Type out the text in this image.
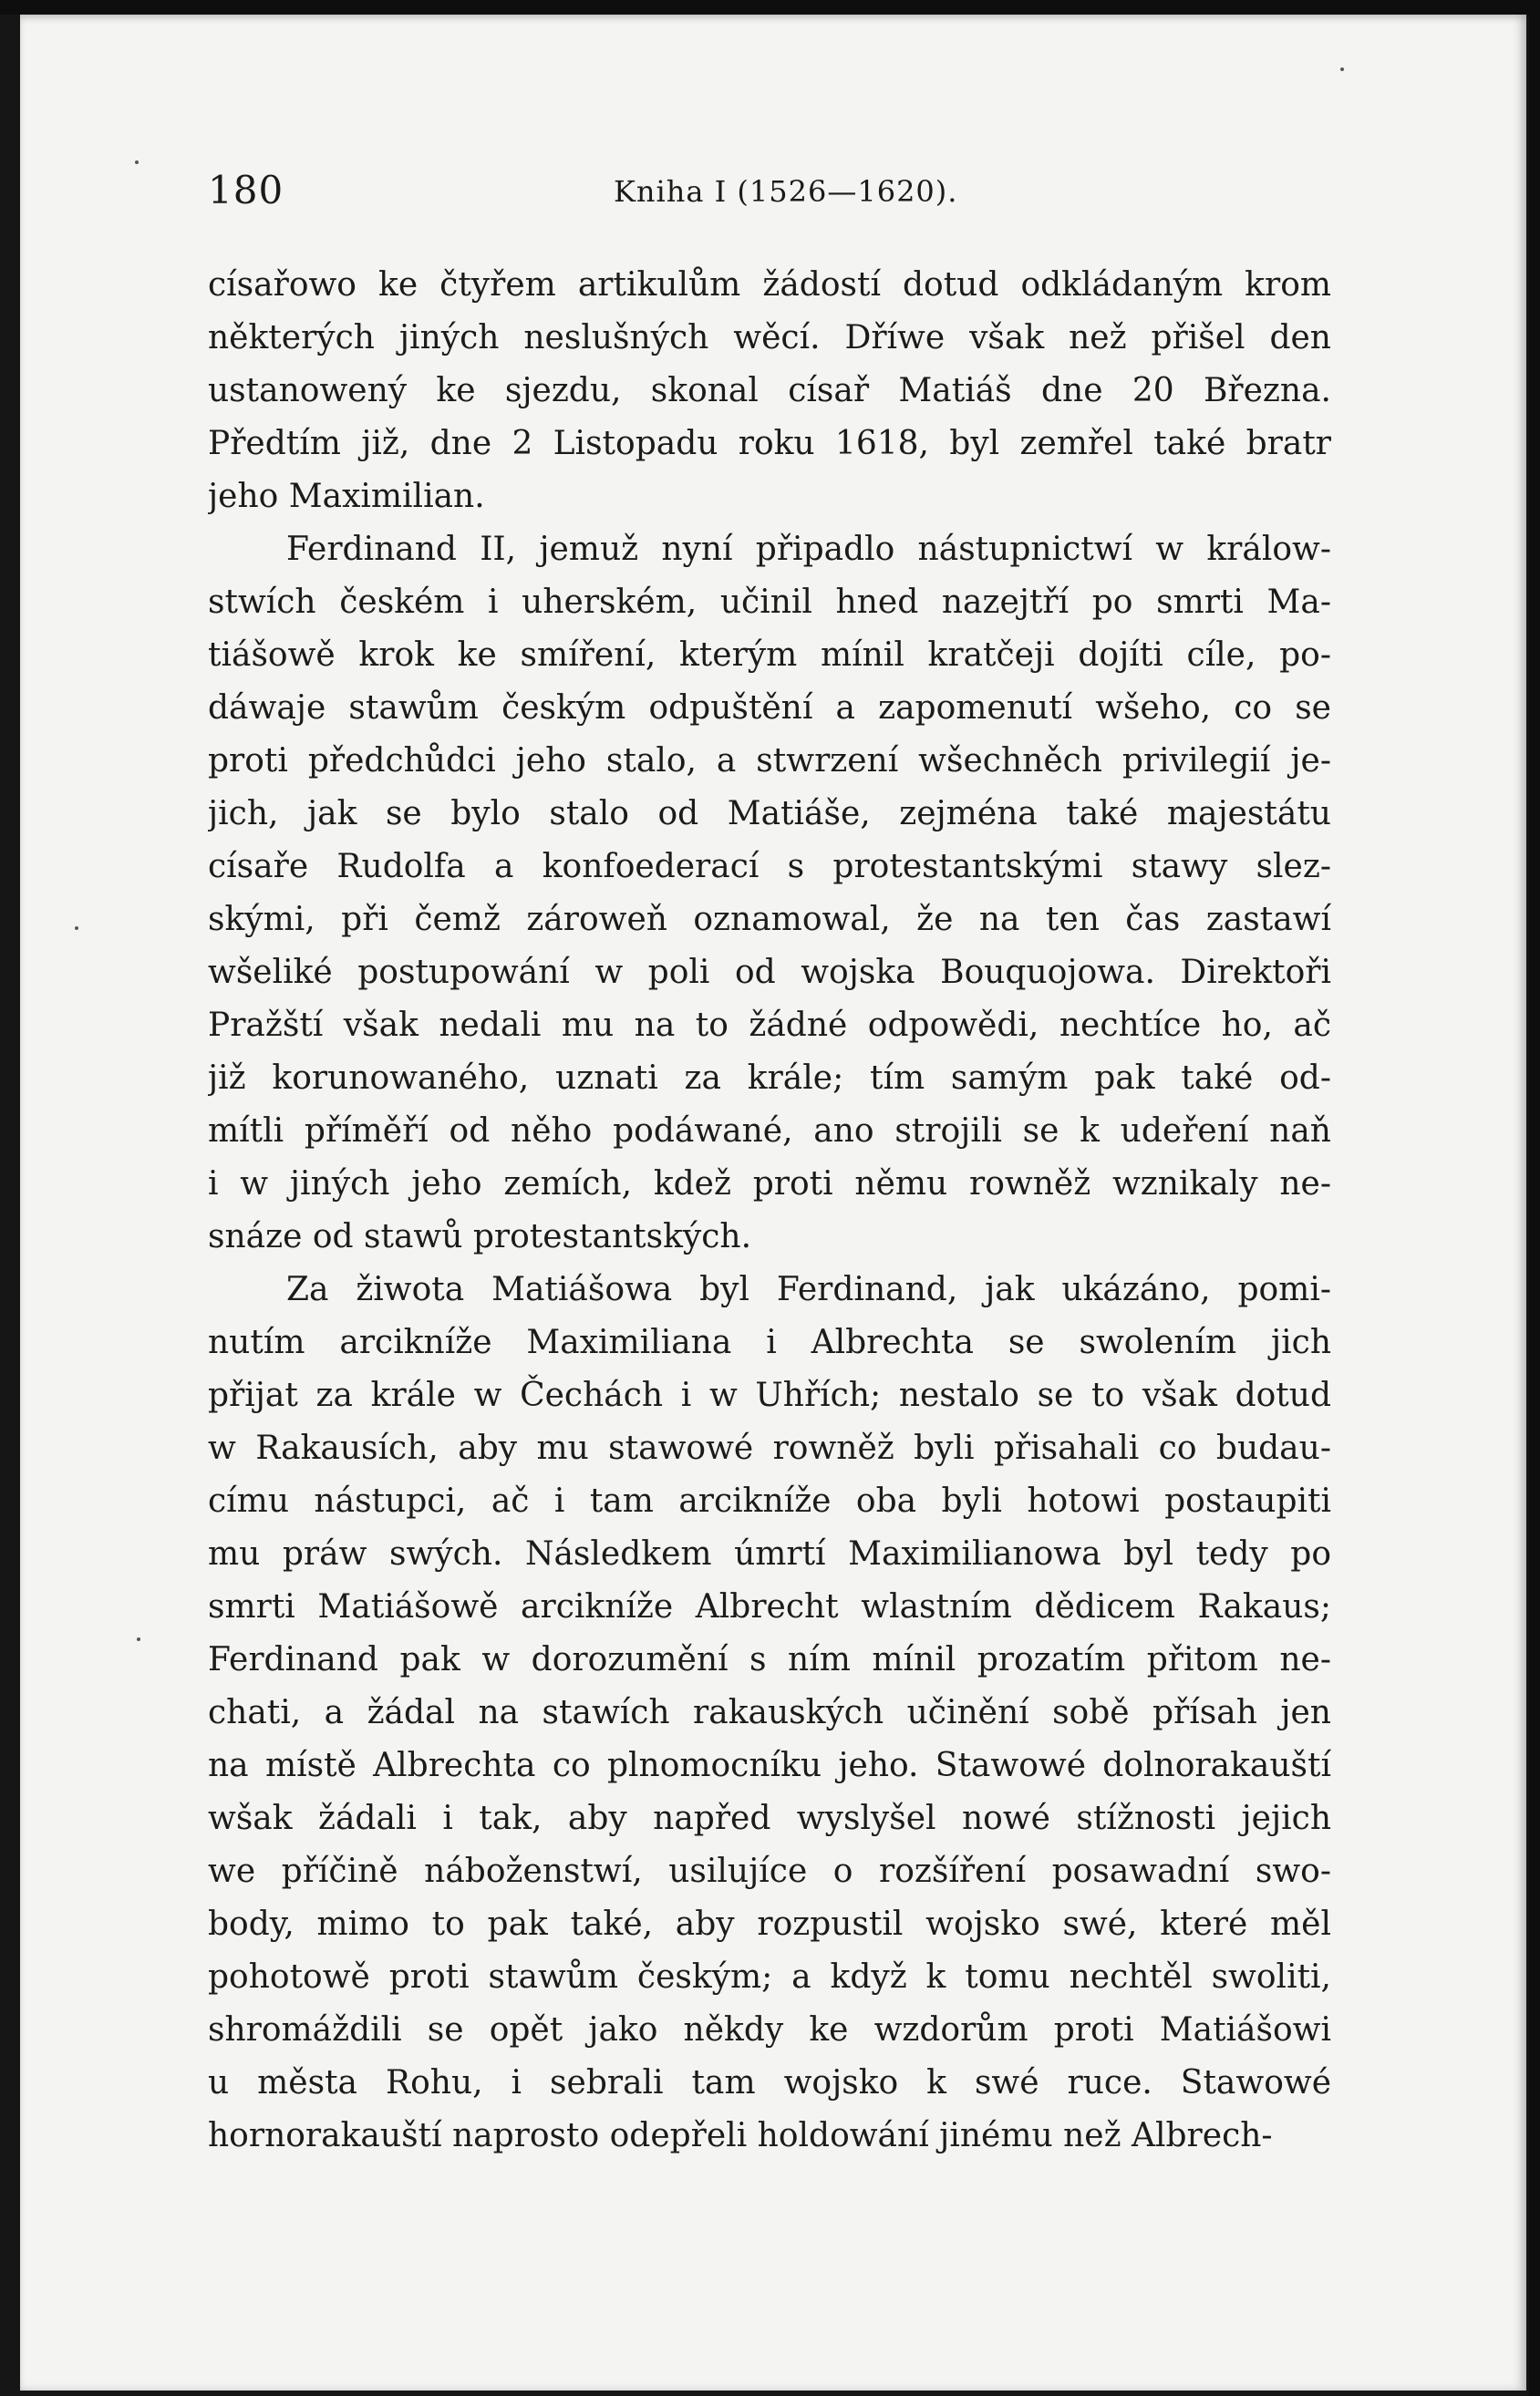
180	Kniha I (1526—1620).
císařowo ke čtyřem artikulům žádostí dotud odkládaným krom
některých jiných neslušných wěcí. Dříwe však než přišel den
ustanowený ke sjezdu, skonal císař Matiáš dne 20 Března.
Předtím již, dne 2 Listopadu roku 1618, byl zemřel také bratr
jeho Maximilian.
Ferdinand II, jemuž nyní připadlo nástupnictwí w králow-
stwích českém i uherském, učinil hned nazejtří po smrti Ma-
tiášowě krok ke smíření, kterým mínil kratčeji dojíti cíle, po-
dáwaje stawům českým odpuštění a zapomenutí wšeho, co se
proti předchůdci jeho stalo, a stwrzení wšechněch privilegií je-
jich, jak se bylo stalo od Matiáše, zejména také majestátu
císaře Rudolfa a konfoederací s protestantskými stawy slez-
skými, při čemž zároweň oznamowal, že na ten čas zastawí
wšeliké postupowání w poli od wojska Bouquojowa. Direktoři
Pražští však nedali mu na to žádné odpowědi, nechtíce ho, ač
již korunowaného, uznati za krále; tím samým pak také od-
mítli příměří od něho podáwané, ano strojili se k udeření naň
i w jiných jeho zemích, kdež proti němu rowněž wznikaly ne-
snáze od stawů protestantských.
Za žiwota Matiášowa byl Ferdinand, jak ukázáno, pomi-
nutím arcikníže Maximiliana i Albrechta se swolením jich
přijat za krále w Čechách i w Uhřích; nestalo se to však dotud
w Rakausích, aby mu stawowé rowněž byli přisahali co budau-
címu nástupci, ač i tam arcikníže oba byli hotowi postaupiti
mu práw swých. Následkem úmrtí Maximilianowa byl tedy po
smrti Matiášowě arcikníže Albrecht wlastním dědicem Rakaus;
Ferdinand pak w dorozumění s ním mínil prozatím přitom ne-
chati, a žádal na stawích rakauských učinění sobě přísah jen
na místě Albrechta co plnomocníku jeho. Stawowé dolnorakauští
wšak žádali i tak, aby napřed wyslyšel nowé stížnosti jejich
we příčině náboženstwí, usilujíce o rozšíření posawadní swo-
body, mimo to pak také, aby rozpustil wojsko swé, které měl
pohotowě proti stawům českým; a když k tomu nechtěl swoliti,
shromáždili se opět jako někdy ke wzdorům proti Matiášowi
u města Rohu, i sebrali tam wojsko k swé ruce. Stawowé
hornorakauští naprosto odepřeli holdowání jinému než Albrech-
